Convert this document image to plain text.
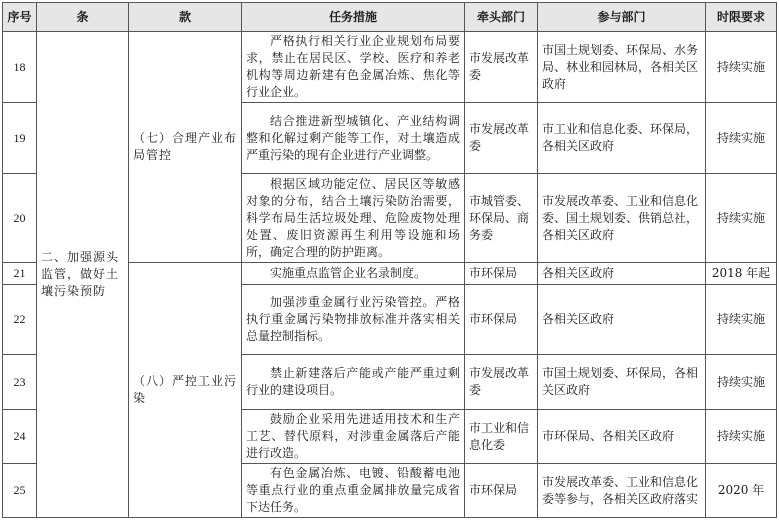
序号	条	款	任务措施	牵头部门	参与部门	时限要求
18	二、加强源头监管，做好土壤污染预防	（七）合理产业布局管控	严格执行相关行业企业规划布局要求，禁止在居民区、学校、医疗和养老机构等周边新建有色金属冶炼、焦化等行业企业。	市发展改革委	市国土规划委、环保局、水务局、林业和园林局，各相关区政府	持续实施
19			结合推进新型城镇化、产业结构调整和化解过剩产能等工作，对土壤造成严重污染的现有企业进行产业调整。	市发展改革委	市工业和信息化委、环保局，各相关区政府	持续实施
20			根据区域功能定位、居民区等敏感对象的分布，结合土壤污染防治需要，科学布局生活垃圾处理、危险废物处理处置、废旧资源再生利用等设施和场所，确定合理的防护距离。	市城管委、环保局、商务委	市发展改革委、工业和信息化委、国土规划委、供销总社，各相关区政府	持续实施
21		（八）严控工业污染	实施重点监管企业名录制度。	市环保局	各相关区政府	2018 年起
22			加强涉重金属行业污染管控。严格执行重金属污染物排放标准并落实相关总量控制指标。	市环保局	各相关区政府	持续实施
23			禁止新建落后产能或产能严重过剩行业的建设项目。	市发展改革委	市国土规划委、环保局，各相关区政府	持续实施
24			鼓励企业采用先进适用技术和生产工艺、替代原料，对涉重金属落后产能进行改造。	市工业和信息化委	市环保局、各相关区政府	持续实施
25			有色金属冶炼、电镀、铅酸蓄电池等重点行业的重点重金属排放量完成省下达任务。	市环保局	市发展改革委、工业和信息化委等参与，各相关区政府落实	2020 年
